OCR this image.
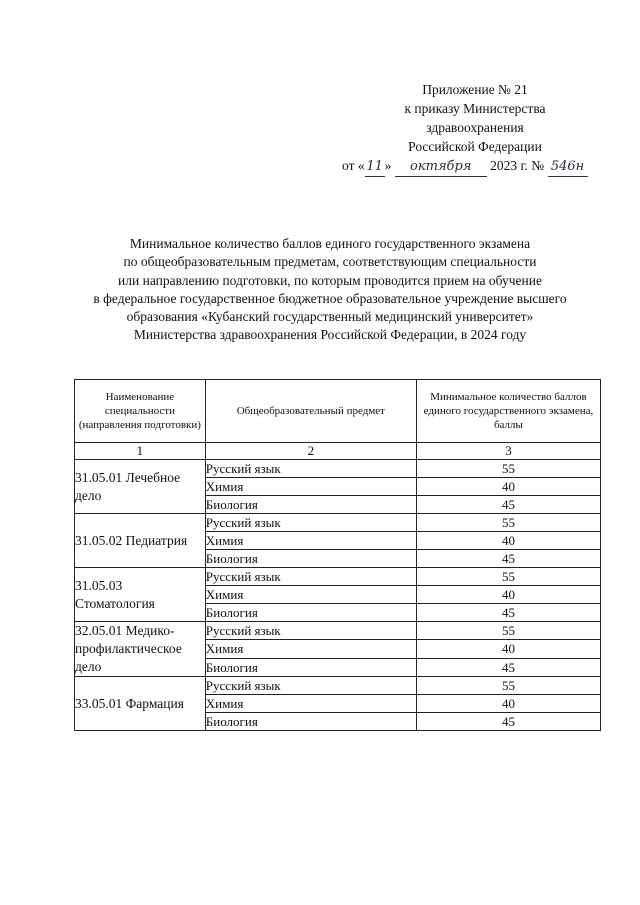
Приложение № 21
к приказу Министерства
здравоохранения
Российской Федерации
от « 11 » октября 2023 г. № 546н
Минимальное количество баллов единого государственного экзамена
по общеобразовательным предметам, соответствующим специальности
или направлению подготовки, по которым проводится прием на обучение
в федеральное государственное бюджетное образовательное учреждение высшего
образования «Кубанский государственный медицинский университет»
Министерства здравоохранения Российской Федерации, в 2024 году
Наименование специальности (направления подготовки)	Общеобразовательный предмет	Минимальное количество баллов единого государственного экзамена, баллы
1	2	3
31.05.01 Лечебное дело	Русский язык	55
	Химия	40
	Биология	45
31.05.02 Педиатрия	Русский язык	55
	Химия	40
	Биология	45
31.05.03 Стоматология	Русский язык	55
	Химия	40
	Биология	45
32.05.01 Медико-профилактическое дело	Русский язык	55
	Химия	40
	Биология	45
33.05.01 Фармация	Русский язык	55
	Химия	40
	Биология	45
